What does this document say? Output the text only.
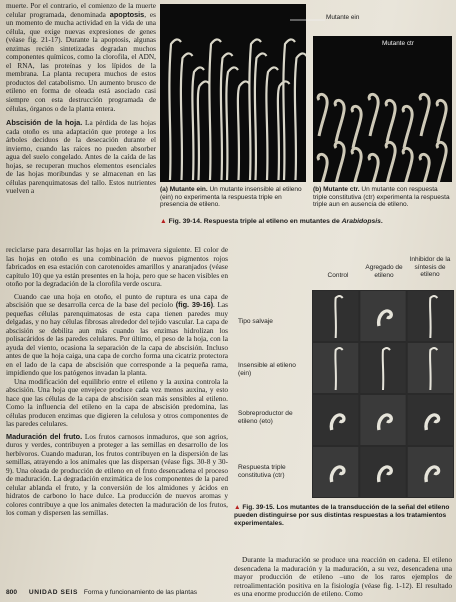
muerte. Por el contrario, el comienzo de la muerte celular programada, denominada apoptosis, es un momento de mucha actividad en la vida de una célula, que exige nuevas expresiones de genes (véase fig. 21-17). Durante la apoptosis, algunas enzimas recién sintetizadas degradan muchos componentes químicos, como la clorofila, el ADN, el RNA, las proteínas y los lípidos de la membrana. La planta recupera muchos de estos productos del catabolismo. Un aumento brusco de etileno en forma de oleada está asociado casi siempre con esta destrucción programada de células, órganos o de la planta entera.

Abscisión de la hoja. La pérdida de las hojas cada otoño es una adaptación que protege a los árboles deciduos de la desecación durante el invierno, cuando las raíces no pueden absorber agua del suelo congelado. Antes de la caída de las hojas, se recuperan muchos elementos esenciales de las hojas moribundas y se almacenan en las células parenquimatosas del tallo. Estos nutrientes vuelven a

Mutante ein
Mutante ctr
(a) Mutante ein. Un mutante insensible al etileno (ein) no experimenta la respuesta triple en presencia de etileno.
(b) Mutante ctr. Un mutante con respuesta triple constitutiva (ctr) experimenta la respuesta triple aun en ausencia de etileno.
▲ Fig. 39-14. Respuesta triple al etileno en mutantes de Arabidopsis.

reciclarse para desarrollar las hojas en la primavera siguiente. El color de las hojas en otoño es una combinación de nuevos pigmentos rojos fabricados en esa estación con carotenoides amarillos y anaranjados (véase capítulo 10) que ya están presentes en la hoja, pero que se hacen visibles en otoño por la degradación de la clorofila verde oscura.

Cuando cae una hoja en otoño, el punto de ruptura es una capa de abscisión que se desarrolla cerca de la base del peciolo (fig. 39-16). Las pequeñas células parenquimatosas de esta capa tienen paredes muy delgadas, y no hay células fibrosas alrededor del tejido vascular. La capa de abscisión se debilita aun más cuando las enzimas hidrolizan los polisacáridos de las paredes celulares. Por último, el peso de la hoja, con la ayuda del viento, ocasiona la separación de la capa de abscisión. Incluso antes de que la hoja caiga, una capa de corcho forma una cicatriz protectora en el lado de la capa de abscisión que corresponde a la pequeña rama, impidiendo que los patógenos invadan la planta.

Una modificación del equilibrio entre el etileno y la auxina controla la abscisión. Una hoja que envejece produce cada vez menos auxina, y esto hace que las células de la capa de abscisión sean más sensibles al etileno. Como la influencia del etileno en la capa de abscisión predomina, las células producen enzimas que digieren la celulosa y otros componentes de las paredes celulares.

Maduración del fruto. Los frutos carnosos inmaduros, que son agrios, duros y verdes, contribuyen a proteger a las semillas en desarrollo de los herbívoros. Cuando maduran, los frutos contribuyen en la dispersión de las semillas, atrayendo a los animales que las dispersan (véase figs. 30-8 y 30-9). Una oleada de producción de etileno en el fruto desencadena el proceso de maduración. La degradación enzimática de los componentes de la pared celular ablanda el fruto, y la conversión de los almidones y ácidos en hidratos de carbono lo hace dulce. La producción de nuevos aromas y colores contribuye a que los animales detecten la maduración de los frutos, los coman y dispersen las semillas.

Control
Agregado de etileno
Inhibidor de la síntesis de etileno
Tipo salvaje
Insensible al etileno (ein)
Sobreproductor de etileno (eto)
Respuesta triple constitutiva (ctr)
▲ Fig. 39-15. Los mutantes de la transducción de la señal del etileno pueden distinguirse por sus distintas respuestas a los tratamientos experimentales.

Durante la maduración se produce una reacción en cadena. El etileno desencadena la maduración y la maduración, a su vez, desencadena una mayor producción de etileno –uno de los raros ejemplos de retroalimentación positiva en la fisiología (véase fig. 1-12). El resultado es una enorme producción de etileno. Como

800 UNIDAD SEIS Forma y funcionamiento de las plantas
